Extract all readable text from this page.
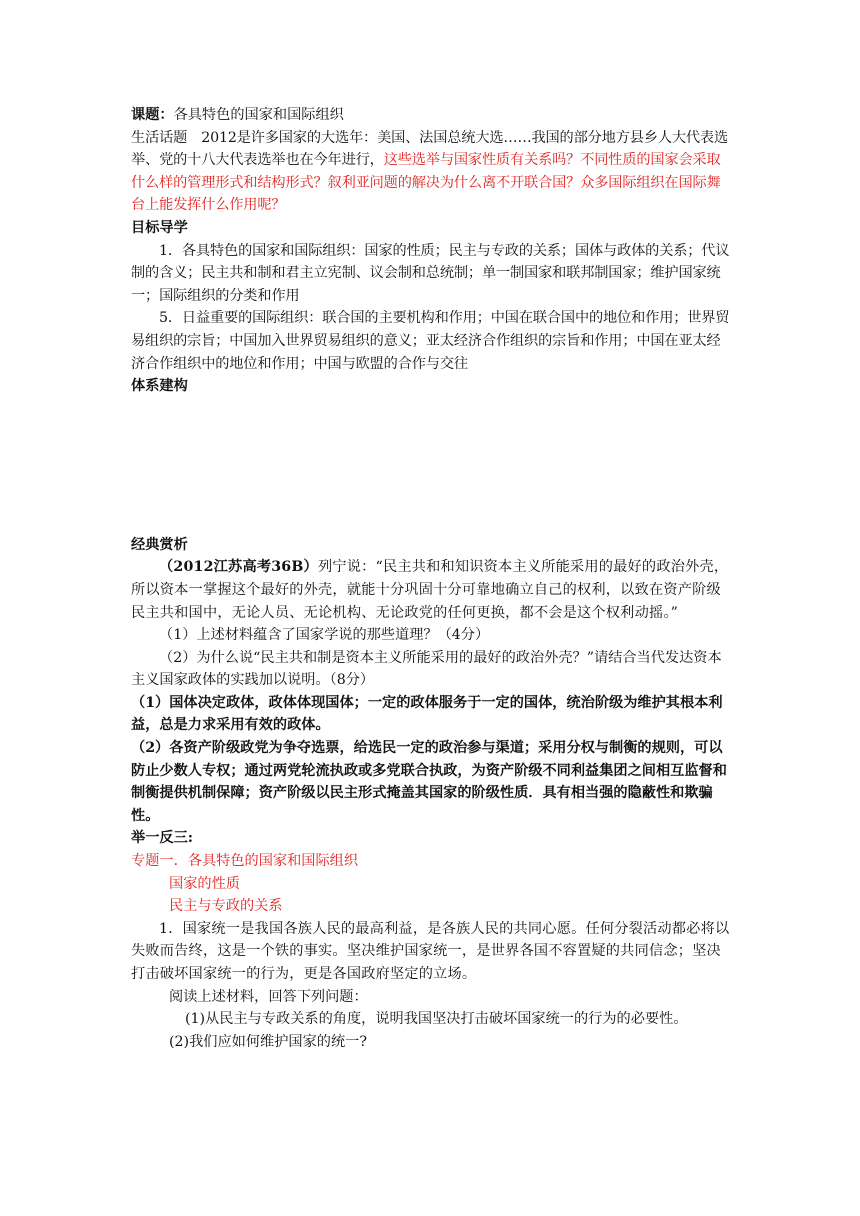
课题：各具特色的国家和国际组织

生活话题　2012是许多国家的大选年：美国、法国总统大选……我国的部分地方县乡人大代表选举、党的十八大代表选举也在今年进行，这些选举与国家性质有关系吗？不同性质的国家会采取什么样的管理形式和结构形式？叙利亚问题的解决为什么离不开联合国？众多国际组织在国际舞台上能发挥什么作用呢？

目标导学

1．各具特色的国家和国际组织：国家的性质；民主与专政的关系；国体与政体的关系；代议制的含义；民主共和制和君主立宪制、议会制和总统制；单一制国家和联邦制国家；维护国家统一；国际组织的分类和作用

5．日益重要的国际组织：联合国的主要机构和作用；中国在联合国中的地位和作用；世界贸易组织的宗旨；中国加入世界贸易组织的意义；亚太经济合作组织的宗旨和作用；中国在亚太经济合作组织中的地位和作用；中国与欧盟的合作与交往

体系建构

经典赏析

（2012江苏高考36B）列宁说：“民主共和和知识资本主义所能采用的最好的政治外壳，所以资本一掌握这个最好的外壳，就能十分巩固十分可靠地确立自己的权利，以致在资产阶级民主共和国中，无论人员、无论机构、无论政党的任何更换，都不会是这个权利动摇。”

（1）上述材料蕴含了国家学说的那些道理？（4分）

（2）为什么说“民主共和制是资本主义所能采用的最好的政治外壳？”请结合当代发达资本主义国家政体的实践加以说明。（8分）

（1）国体决定政体，政体体现国体；一定的政体服务于一定的国体，统治阶级为维护其根本利益，总是力求采用有效的政体。

（2）各资产阶级政党为争夺选票，给选民一定的政治参与渠道；采用分权与制衡的规则，可以防止少数人专权；通过两党轮流执政或多党联合执政，为资产阶级不同利益集团之间相互监督和制衡提供机制保障；资产阶级以民主形式掩盖其国家的阶级性质．具有相当强的隐蔽性和欺骗性。

举一反三:

专题一．各具特色的国家和国际组织

国家的性质

民主与专政的关系

1．国家统一是我国各族人民的最高利益，是各族人民的共同心愿。任何分裂活动都必将以失败而告终，这是一个铁的事实。坚决维护国家统一，是世界各国不容置疑的共同信念；坚决打击破坏国家统一的行为，更是各国政府坚定的立场。

阅读上述材料，回答下列问题：

(1)从民主与专政关系的角度，说明我国坚决打击破坏国家统一的行为的必要性。

(2)我们应如何维护国家的统一?
